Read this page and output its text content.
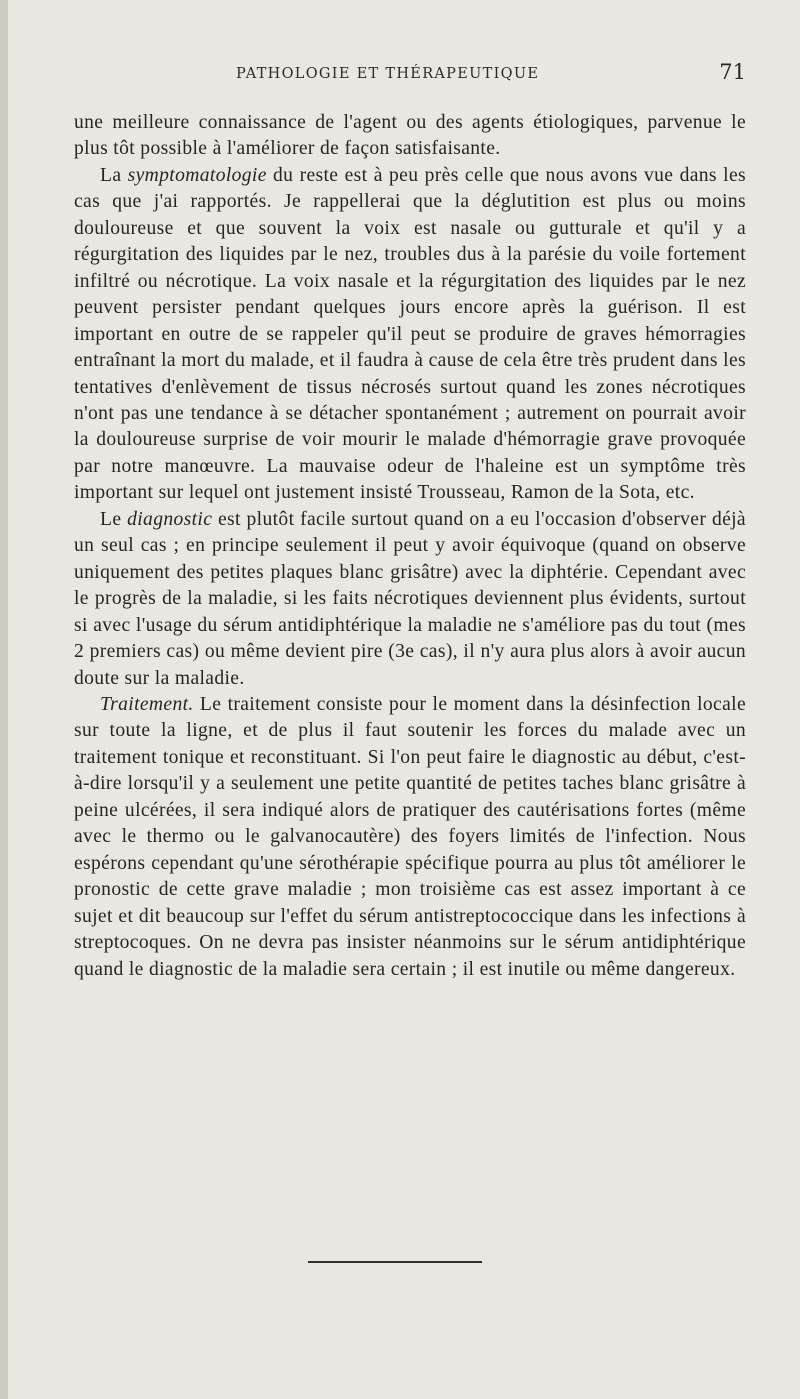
PATHOLOGIE ET THÉRAPEUTIQUE	71

une meilleure connaissance de l'agent ou des agents étiologiques, parvenue le plus tôt possible à l'améliorer de façon satisfaisante.

La symptomatologie du reste est à peu près celle que nous avons vue dans les cas que j'ai rapportés. Je rappellerai que la déglutition est plus ou moins douloureuse et que souvent la voix est nasale ou gutturale et qu'il y a régurgitation des liquides par le nez, troubles dus à la parésie du voile fortement infiltré ou nécrotique. La voix nasale et la régurgitation des liquides par le nez peuvent persister pendant quelques jours encore après la guérison. Il est important en outre de se rappeler qu'il peut se produire de graves hémorragies entraînant la mort du malade, et il faudra à cause de cela être très prudent dans les tentatives d'enlèvement de tissus nécrosés surtout quand les zones nécrotiques n'ont pas une tendance à se détacher spontanément ; autrement on pourrait avoir la douloureuse surprise de voir mourir le malade d'hémorragie grave provoquée par notre manœuvre. La mauvaise odeur de l'haleine est un symptôme très important sur lequel ont justement insisté Trousseau, Ramon de la Sota, etc.

Le diagnostic est plutôt facile surtout quand on a eu l'occasion d'observer déjà un seul cas ; en principe seulement il peut y avoir équivoque (quand on observe uniquement des petites plaques blanc grisâtre) avec la diphtérie. Cependant avec le progrès de la maladie, si les faits nécrotiques deviennent plus évidents, surtout si avec l'usage du sérum antidiphtérique la maladie ne s'améliore pas du tout (mes 2 premiers cas) ou même devient pire (3e cas), il n'y aura plus alors à avoir aucun doute sur la maladie.

Traitement. Le traitement consiste pour le moment dans la désinfection locale sur toute la ligne, et de plus il faut soutenir les forces du malade avec un traitement tonique et reconstituant. Si l'on peut faire le diagnostic au début, c'est-à-dire lorsqu'il y a seulement une petite quantité de petites taches blanc grisâtre à peine ulcérées, il sera indiqué alors de pratiquer des cautérisations fortes (même avec le thermo ou le galvanocautère) des foyers limités de l'infection. Nous espérons cependant qu'une sérothérapie spécifique pourra au plus tôt améliorer le pronostic de cette grave maladie ; mon troisième cas est assez important à ce sujet et dit beaucoup sur l'effet du sérum antistreptococcique dans les infections à streptocoques. On ne devra pas insister néanmoins sur le sérum antidiphtérique quand le diagnostic de la maladie sera certain ; il est inutile ou même dangereux.
